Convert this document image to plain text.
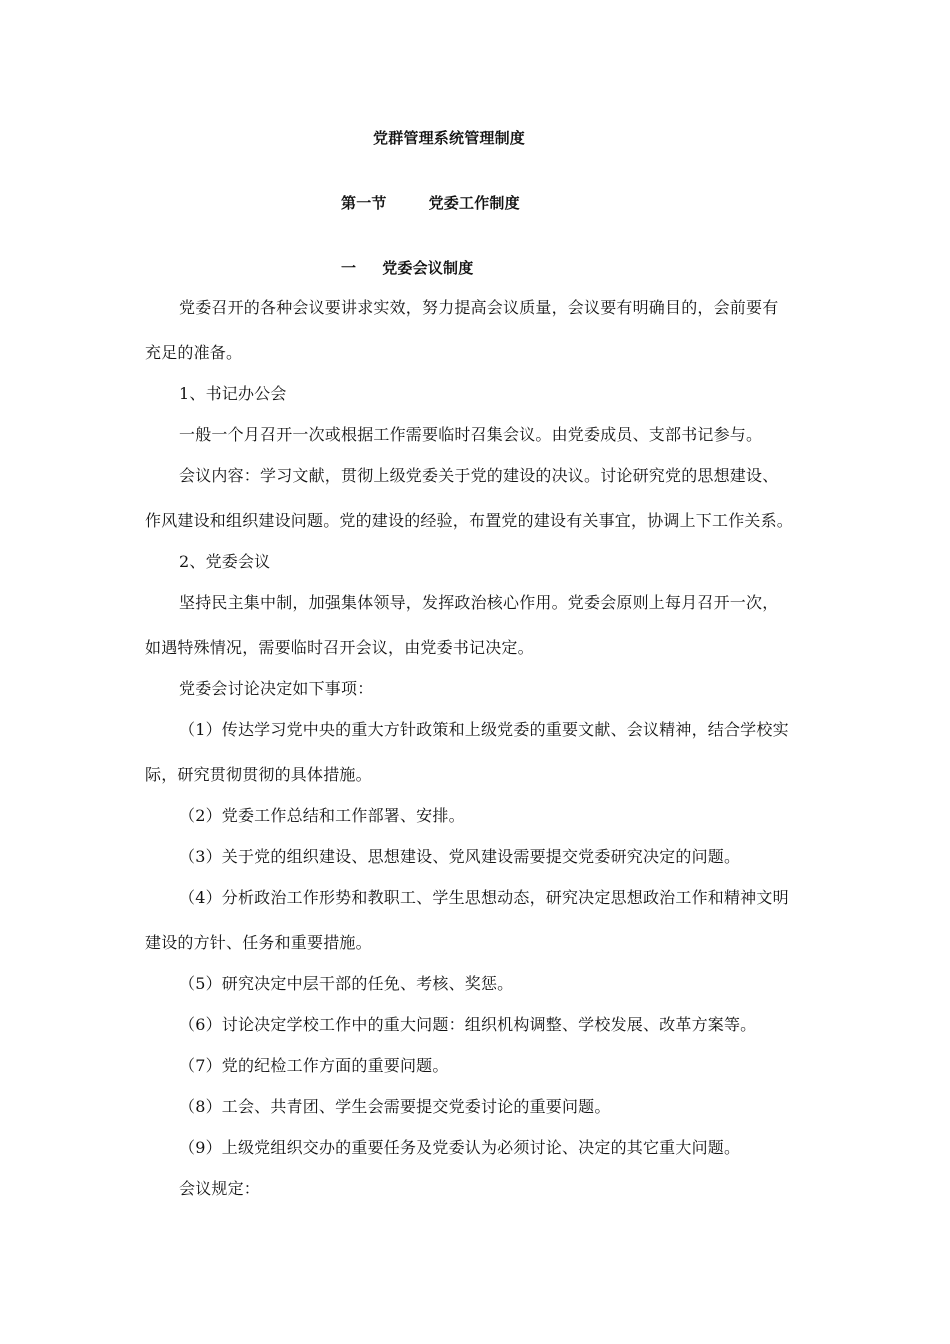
党群管理系统管理制度
第一节	党委工作制度
一 党委会议制度
党委召开的各种会议要讲求实效，努力提高会议质量，会议要有明确目的，会前要有
充足的准备。
1、书记办公会
一般一个月召开一次或根据工作需要临时召集会议。由党委成员、支部书记参与。
会议内容：学习文献，贯彻上级党委关于党的建设的决议。讨论研究党的思想建设、
作风建设和组织建设问题。党的建设的经验，布置党的建设有关事宜，协调上下工作关系。
2、党委会议
坚持民主集中制，加强集体领导，发挥政治核心作用。党委会原则上每月召开一次，
如遇特殊情况，需要临时召开会议，由党委书记决定。
党委会讨论决定如下事项：
（1）传达学习党中央的重大方针政策和上级党委的重要文献、会议精神，结合学校实
际，研究贯彻贯彻的具体措施。
（2）党委工作总结和工作部署、安排。
（3）关于党的组织建设、思想建设、党风建设需要提交党委研究决定的问题。
（4）分析政治工作形势和教职工、学生思想动态，研究决定思想政治工作和精神文明
建设的方针、任务和重要措施。
（5）研究决定中层干部的任免、考核、奖惩。
（6）讨论决定学校工作中的重大问题：组织机构调整、学校发展、改革方案等。
（7）党的纪检工作方面的重要问题。
（8）工会、共青团、学生会需要提交党委讨论的重要问题。
（9）上级党组织交办的重要任务及党委认为必须讨论、决定的其它重大问题。
会议规定：
